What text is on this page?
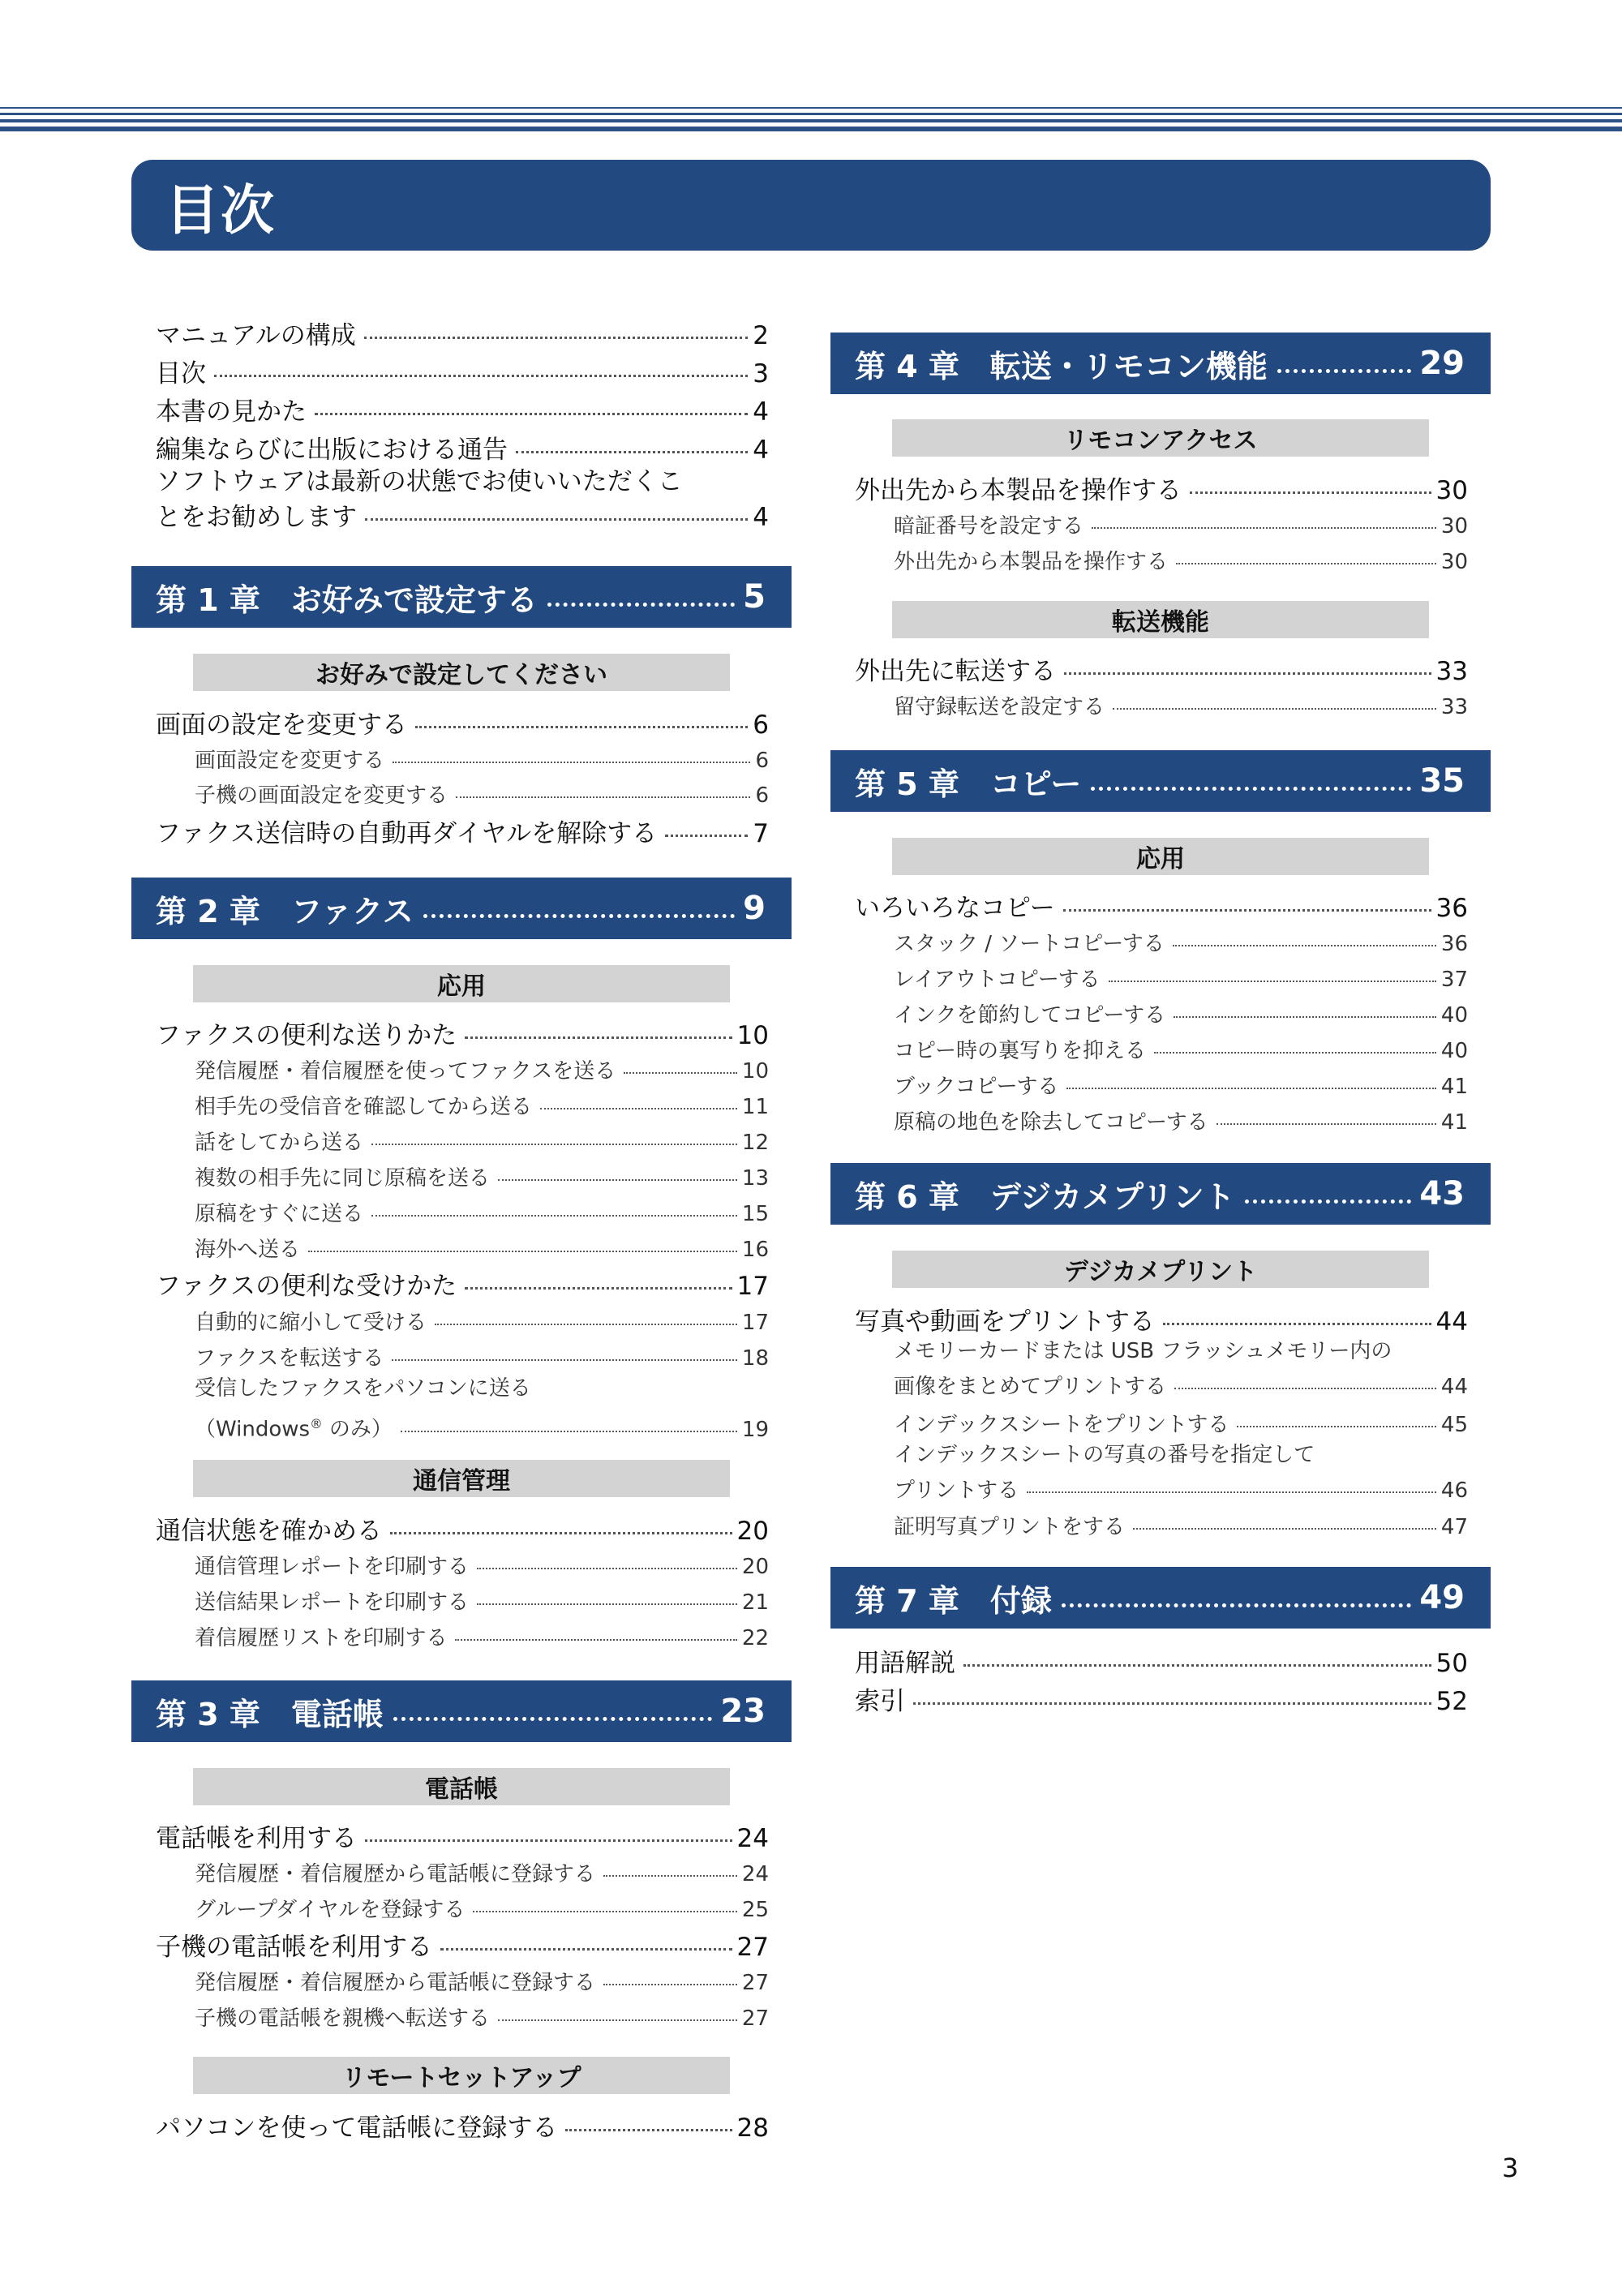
目次
マニュアルの構成	2
目次	3
本書の見かた	4
編集ならびに出版における通告	4
ソフトウェアは最新の状態でお使いいただくこ
とをお勧めします	4
第 1 章　お好みで設定する	5
お好みで設定してください
画面の設定を変更する	6
画面設定を変更する	6
子機の画面設定を変更する	6
ファクス送信時の自動再ダイヤルを解除する	7
第 2 章　ファクス	9
応用
ファクスの便利な送りかた	10
発信履歴・着信履歴を使ってファクスを送る	10
相手先の受信音を確認してから送る	11
話をしてから送る	12
複数の相手先に同じ原稿を送る	13
原稿をすぐに送る	15
海外へ送る	16
ファクスの便利な受けかた	17
自動的に縮小して受ける	17
ファクスを転送する	18
受信したファクスをパソコンに送る
（Windows® のみ）	19
通信管理
通信状態を確かめる	20
通信管理レポートを印刷する	20
送信結果レポートを印刷する	21
着信履歴リストを印刷する	22
第 3 章　電話帳	23
電話帳
電話帳を利用する	24
発信履歴・着信履歴から電話帳に登録する	24
グループダイヤルを登録する	25
子機の電話帳を利用する	27
発信履歴・着信履歴から電話帳に登録する	27
子機の電話帳を親機へ転送する	27
リモートセットアップ
パソコンを使って電話帳に登録する	28
第 4 章　転送・リモコン機能	29
リモコンアクセス
外出先から本製品を操作する	30
暗証番号を設定する	30
外出先から本製品を操作する	30
転送機能
外出先に転送する	33
留守録転送を設定する	33
第 5 章　コピー	35
応用
いろいろなコピー	36
スタック / ソートコピーする	36
レイアウトコピーする	37
インクを節約してコピーする	40
コピー時の裏写りを抑える	40
ブックコピーする	41
原稿の地色を除去してコピーする	41
第 6 章　デジカメプリント	43
デジカメプリント
写真や動画をプリントする	44
メモリーカードまたは USB フラッシュメモリー内の
画像をまとめてプリントする	44
インデックスシートをプリントする	45
インデックスシートの写真の番号を指定して
プリントする	46
証明写真プリントをする	47
第 7 章　付録	49
用語解説	50
索引	52
3
